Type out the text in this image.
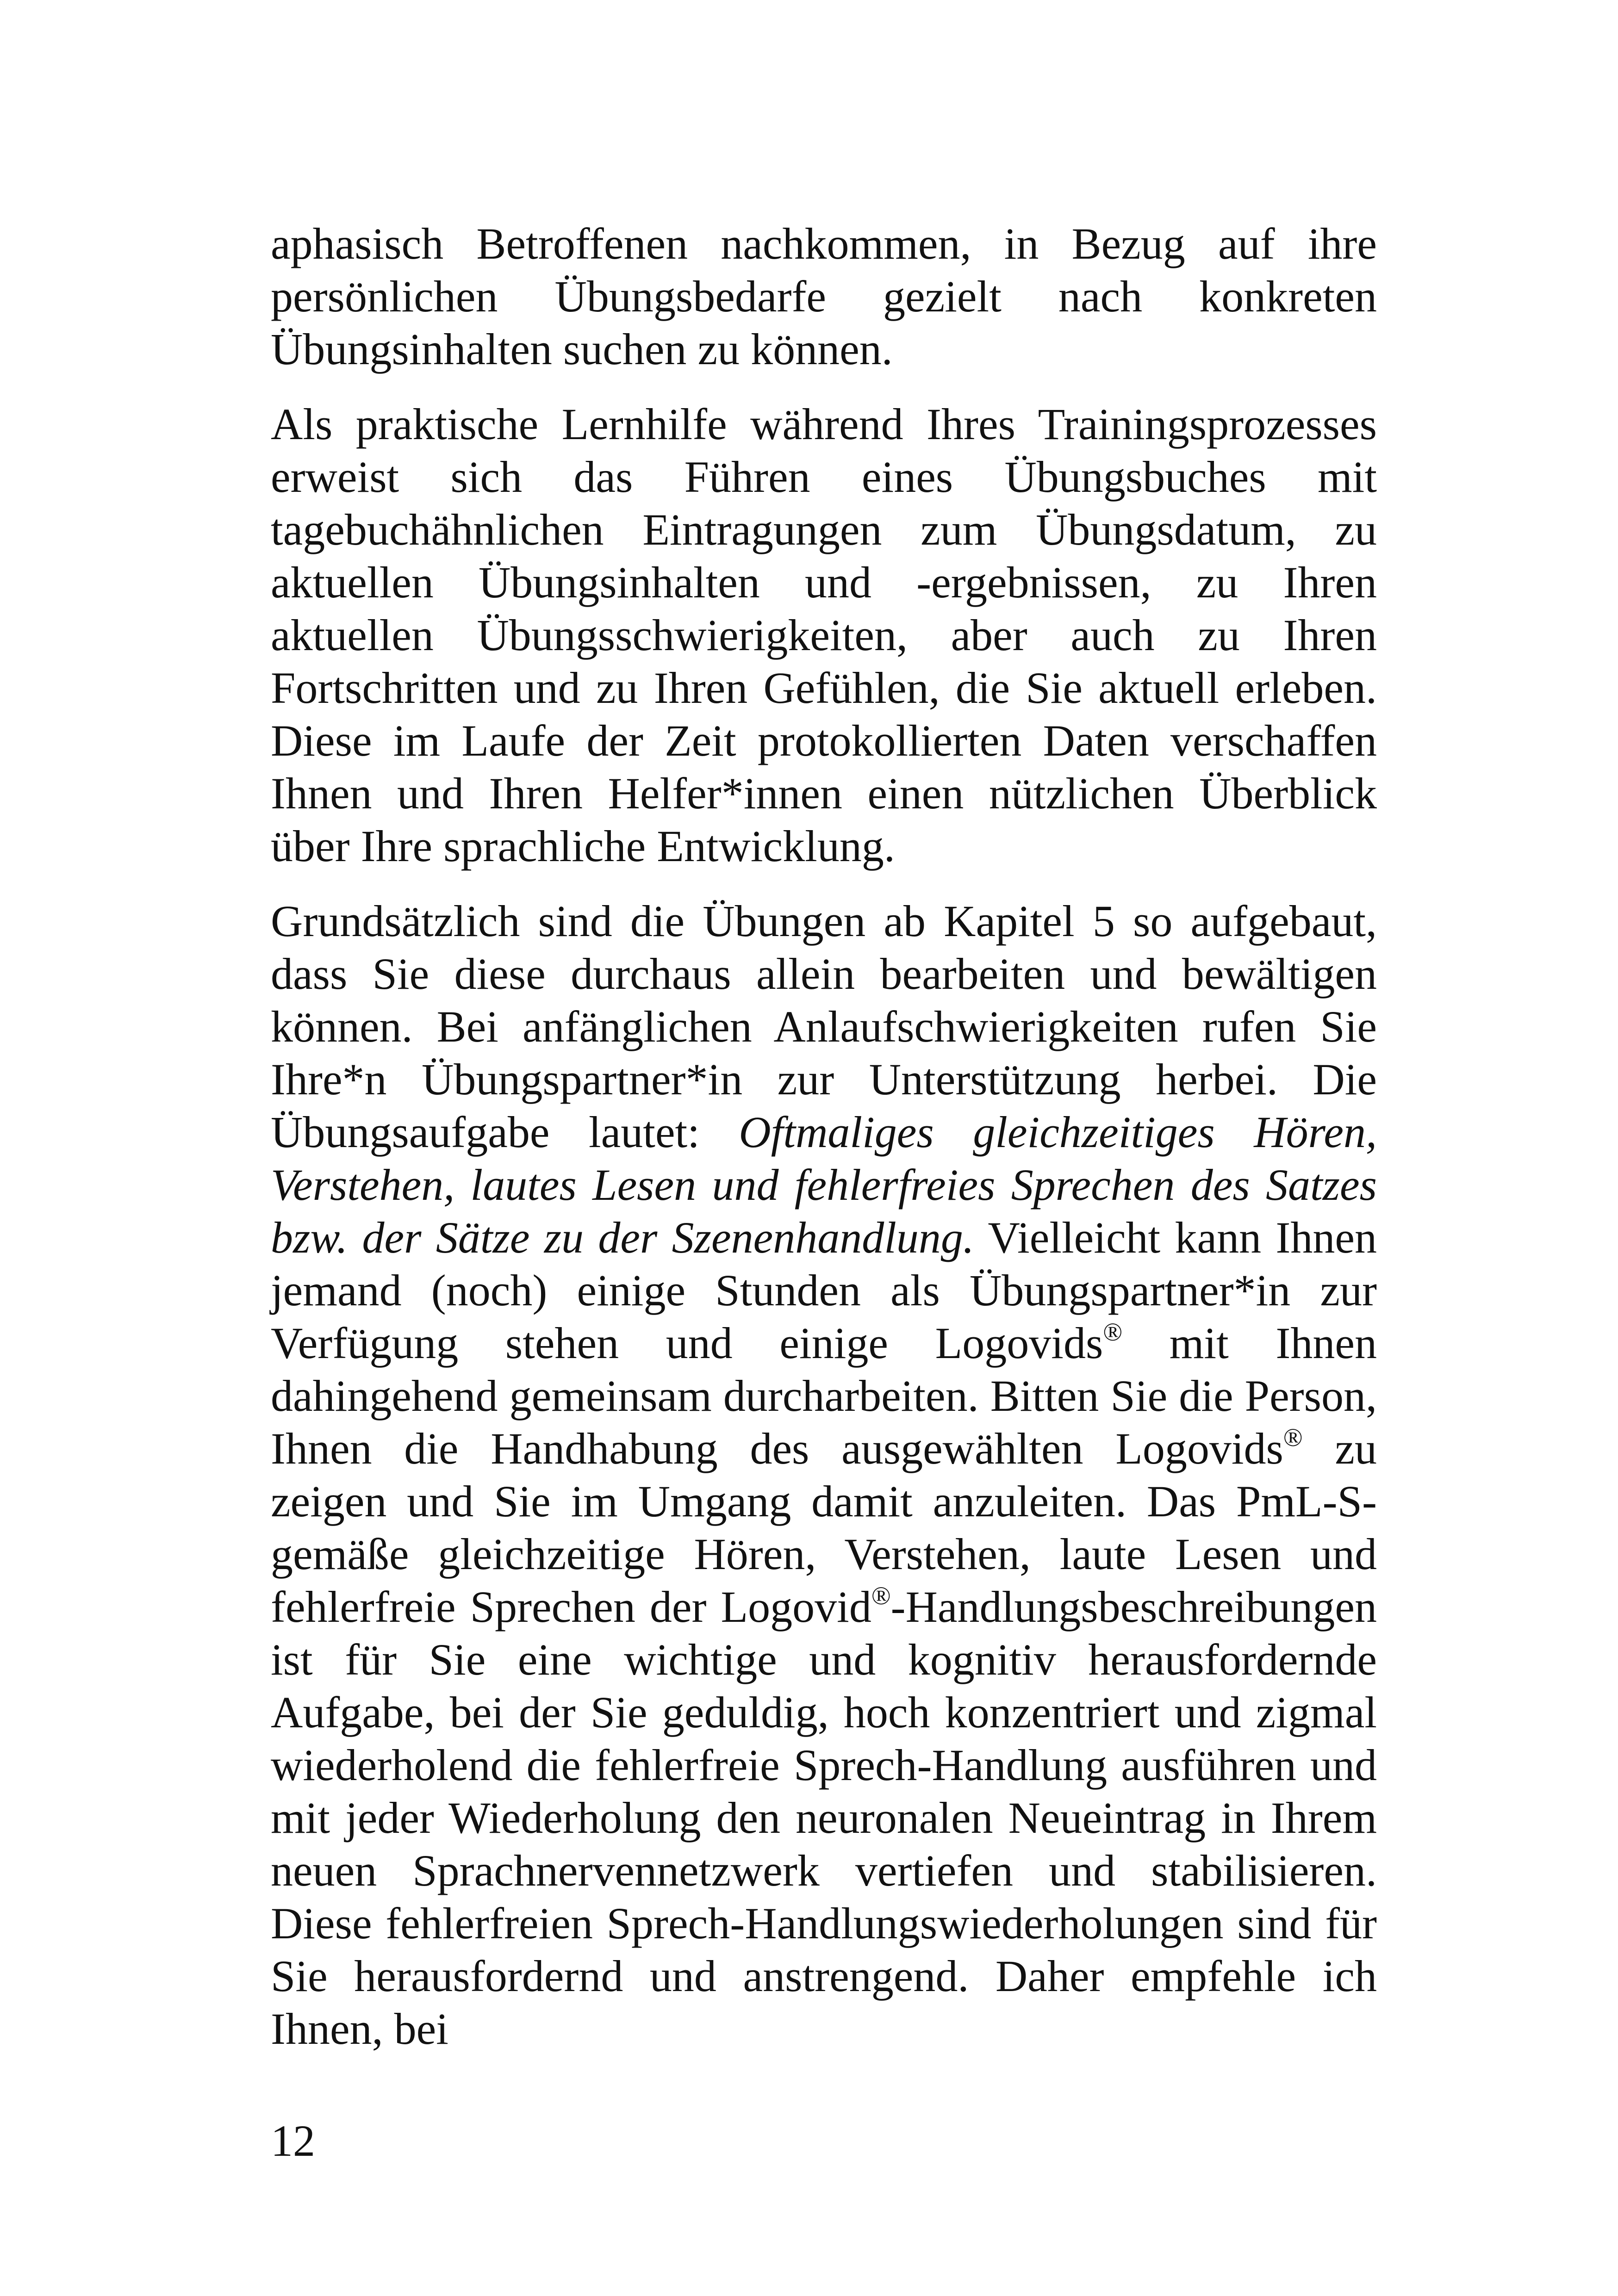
aphasisch Betroffenen nachkommen, in Bezug auf ihre persönlichen Übungsbedarfe gezielt nach konkreten Übungsinhalten suchen zu können.

Als praktische Lernhilfe während Ihres Trainingsprozesses erweist sich das Führen eines Übungsbuches mit tagebuchähnlichen Eintragungen zum Übungsdatum, zu aktuellen Übungsinhalten und -ergebnissen, zu Ihren aktuellen Übungsschwierigkeiten, aber auch zu Ihren Fortschritten und zu Ihren Gefühlen, die Sie aktuell erleben. Diese im Laufe der Zeit protokollierten Daten verschaffen Ihnen und Ihren Helfer*innen einen nützlichen Überblick über Ihre sprachliche Entwicklung.

Grundsätzlich sind die Übungen ab Kapitel 5 so aufgebaut, dass Sie diese durchaus allein bearbeiten und bewältigen können. Bei anfänglichen Anlaufschwierigkeiten rufen Sie Ihre*n Übungspartner*in zur Unterstützung herbei. Die Übungsaufgabe lautet: Oftmaliges gleichzeitiges Hören, Verstehen, lautes Lesen und fehlerfreies Sprechen des Satzes bzw. der Sätze zu der Szenenhandlung. Vielleicht kann Ihnen jemand (noch) einige Stunden als Übungspartner*in zur Verfügung stehen und einige Logovids® mit Ihnen dahingehend gemeinsam durcharbeiten. Bitten Sie die Person, Ihnen die Handhabung des ausgewählten Logovids® zu zeigen und Sie im Umgang damit anzuleiten. Das PmL-S-gemäße gleichzeitige Hören, Verstehen, laute Lesen und fehlerfreie Sprechen der Logovid®-Handlungsbeschreibungen ist für Sie eine wichtige und kognitiv herausfordernde Aufgabe, bei der Sie geduldig, hoch konzentriert und zigmal wiederholend die fehlerfreie Sprech-Handlung ausführen und mit jeder Wiederholung den neuronalen Neueintrag in Ihrem neuen Sprachnervennetzwerk vertiefen und stabilisieren. Diese fehlerfreien Sprech-Handlungswiederholungen sind für Sie herausfordernd und anstrengend. Daher empfehle ich Ihnen, bei

12
